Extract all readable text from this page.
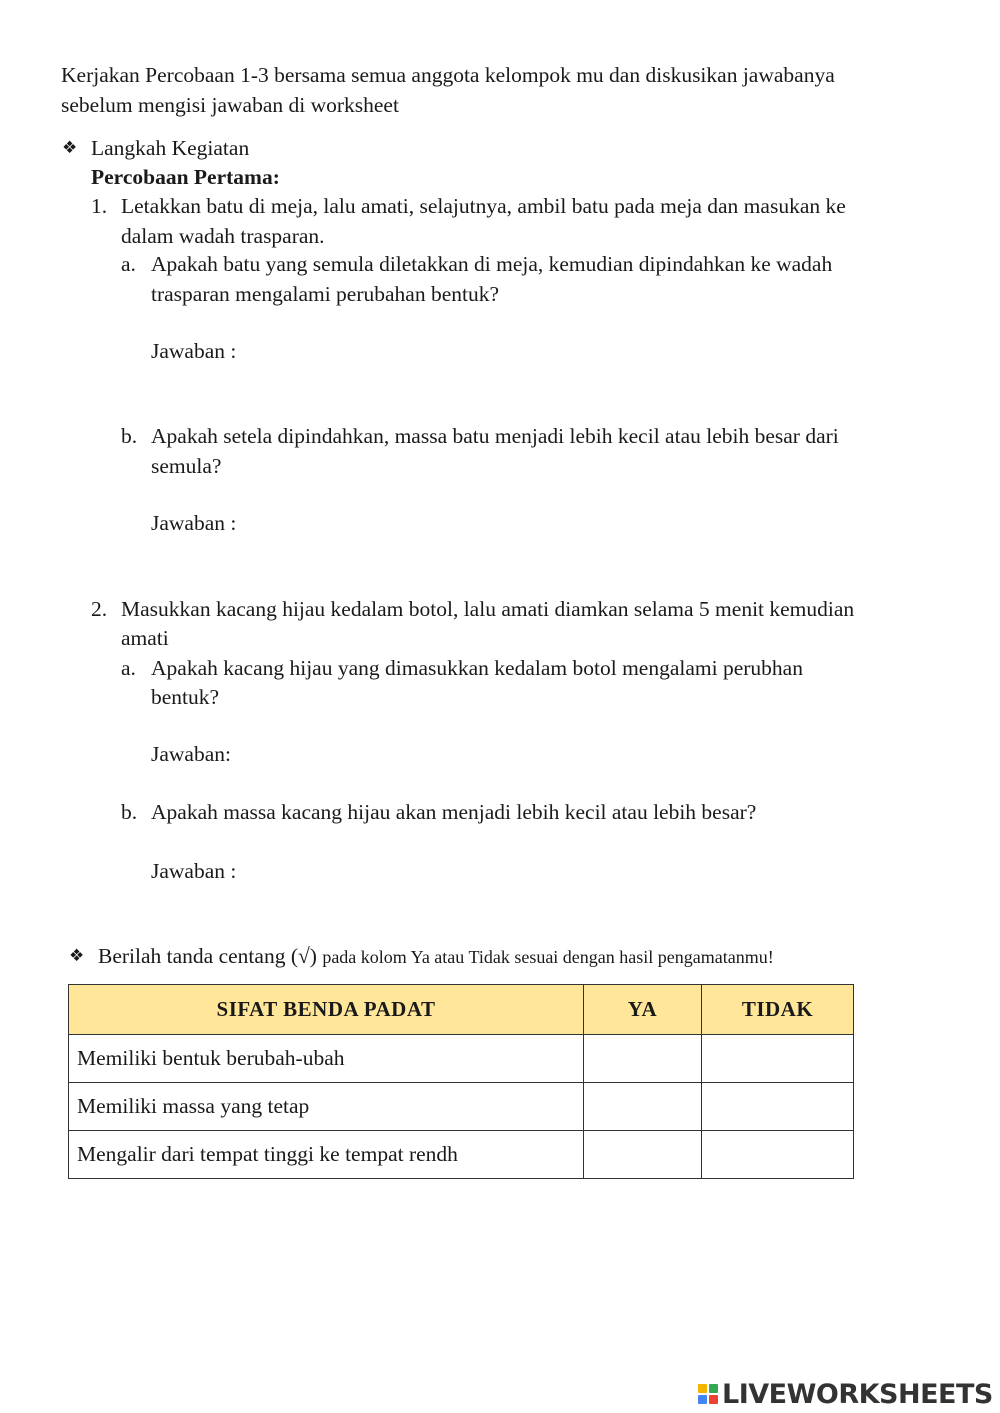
Kerjakan Percobaan 1-3 bersama semua anggota kelompok mu dan diskusikan jawabanya
sebelum mengisi jawaban di worksheet
❖ Langkah Kegiatan
Percobaan Pertama:
1. Letakkan batu di meja, lalu amati, selajutnya, ambil batu pada meja dan masukan ke
dalam wadah trasparan.
a. Apakah batu yang semula diletakkan di meja, kemudian dipindahkan ke wadah
trasparan mengalami perubahan bentuk?
Jawaban :
b. Apakah setela dipindahkan, massa batu menjadi lebih kecil atau lebih besar dari
semula?
Jawaban :
2. Masukkan kacang hijau kedalam botol, lalu amati diamkan selama 5 menit kemudian
amati
a. Apakah kacang hijau yang dimasukkan kedalam botol mengalami perubhan
bentuk?
Jawaban:
b. Apakah massa kacang hijau akan menjadi lebih kecil atau lebih besar?
Jawaban :
❖ Berilah tanda centang (√) pada kolom Ya atau Tidak sesuai dengan hasil pengamatanmu!
SIFAT BENDA PADAT	YA	TIDAK
Memiliki bentuk berubah-ubah		
Memiliki massa yang tetap		
Mengalir dari tempat tinggi ke tempat rendh		
LIVEWORKSHEETS
